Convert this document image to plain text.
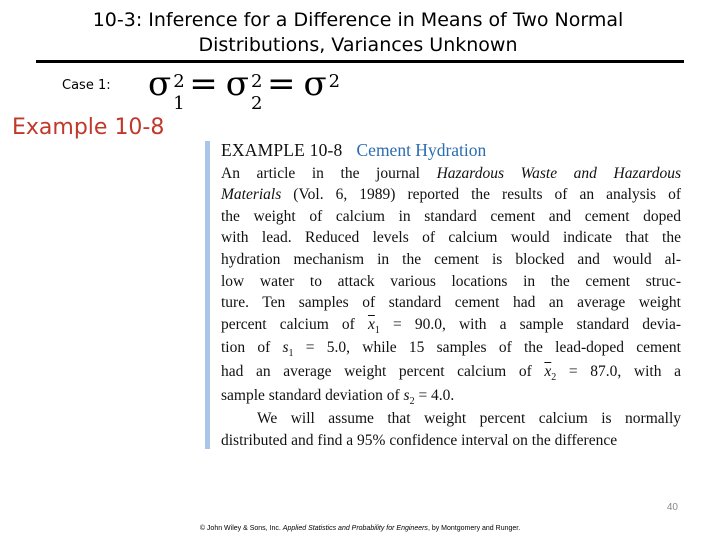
10-3: Inference for a Difference in Means of Two Normal
Distributions, Variances Unknown
Case 1: σ 2
1 = σ 2
2 = σ 2
Example 10-8
EXAMPLE 10-8 Cement Hydration
An article in the journal Hazardous Waste and Hazardous
Materials (Vol. 6, 1989) reported the results of an analysis of
the weight of calcium in standard cement and cement doped
with lead. Reduced levels of calcium would indicate that the
hydration mechanism in the cement is blocked and would al-
low water to attack various locations in the cement struc-
ture. Ten samples of standard cement had an average weight
percent calcium of $\overline{x}_1 = 90.0$, with a sample standard devia-
tion of $s_1 = 5.0$, while 15 samples of the lead-doped cement
had an average weight percent calcium of $\overline{x}_2 = 87.0$, with a
sample standard deviation of $s_2 = 4.0$.
We will assume that weight percent calcium is normally
distributed and find a 95% confidence interval on the difference
40
© John Wiley & Sons, Inc. Applied Statistics and Probability for Engineers, by Montgomery and Runger.
